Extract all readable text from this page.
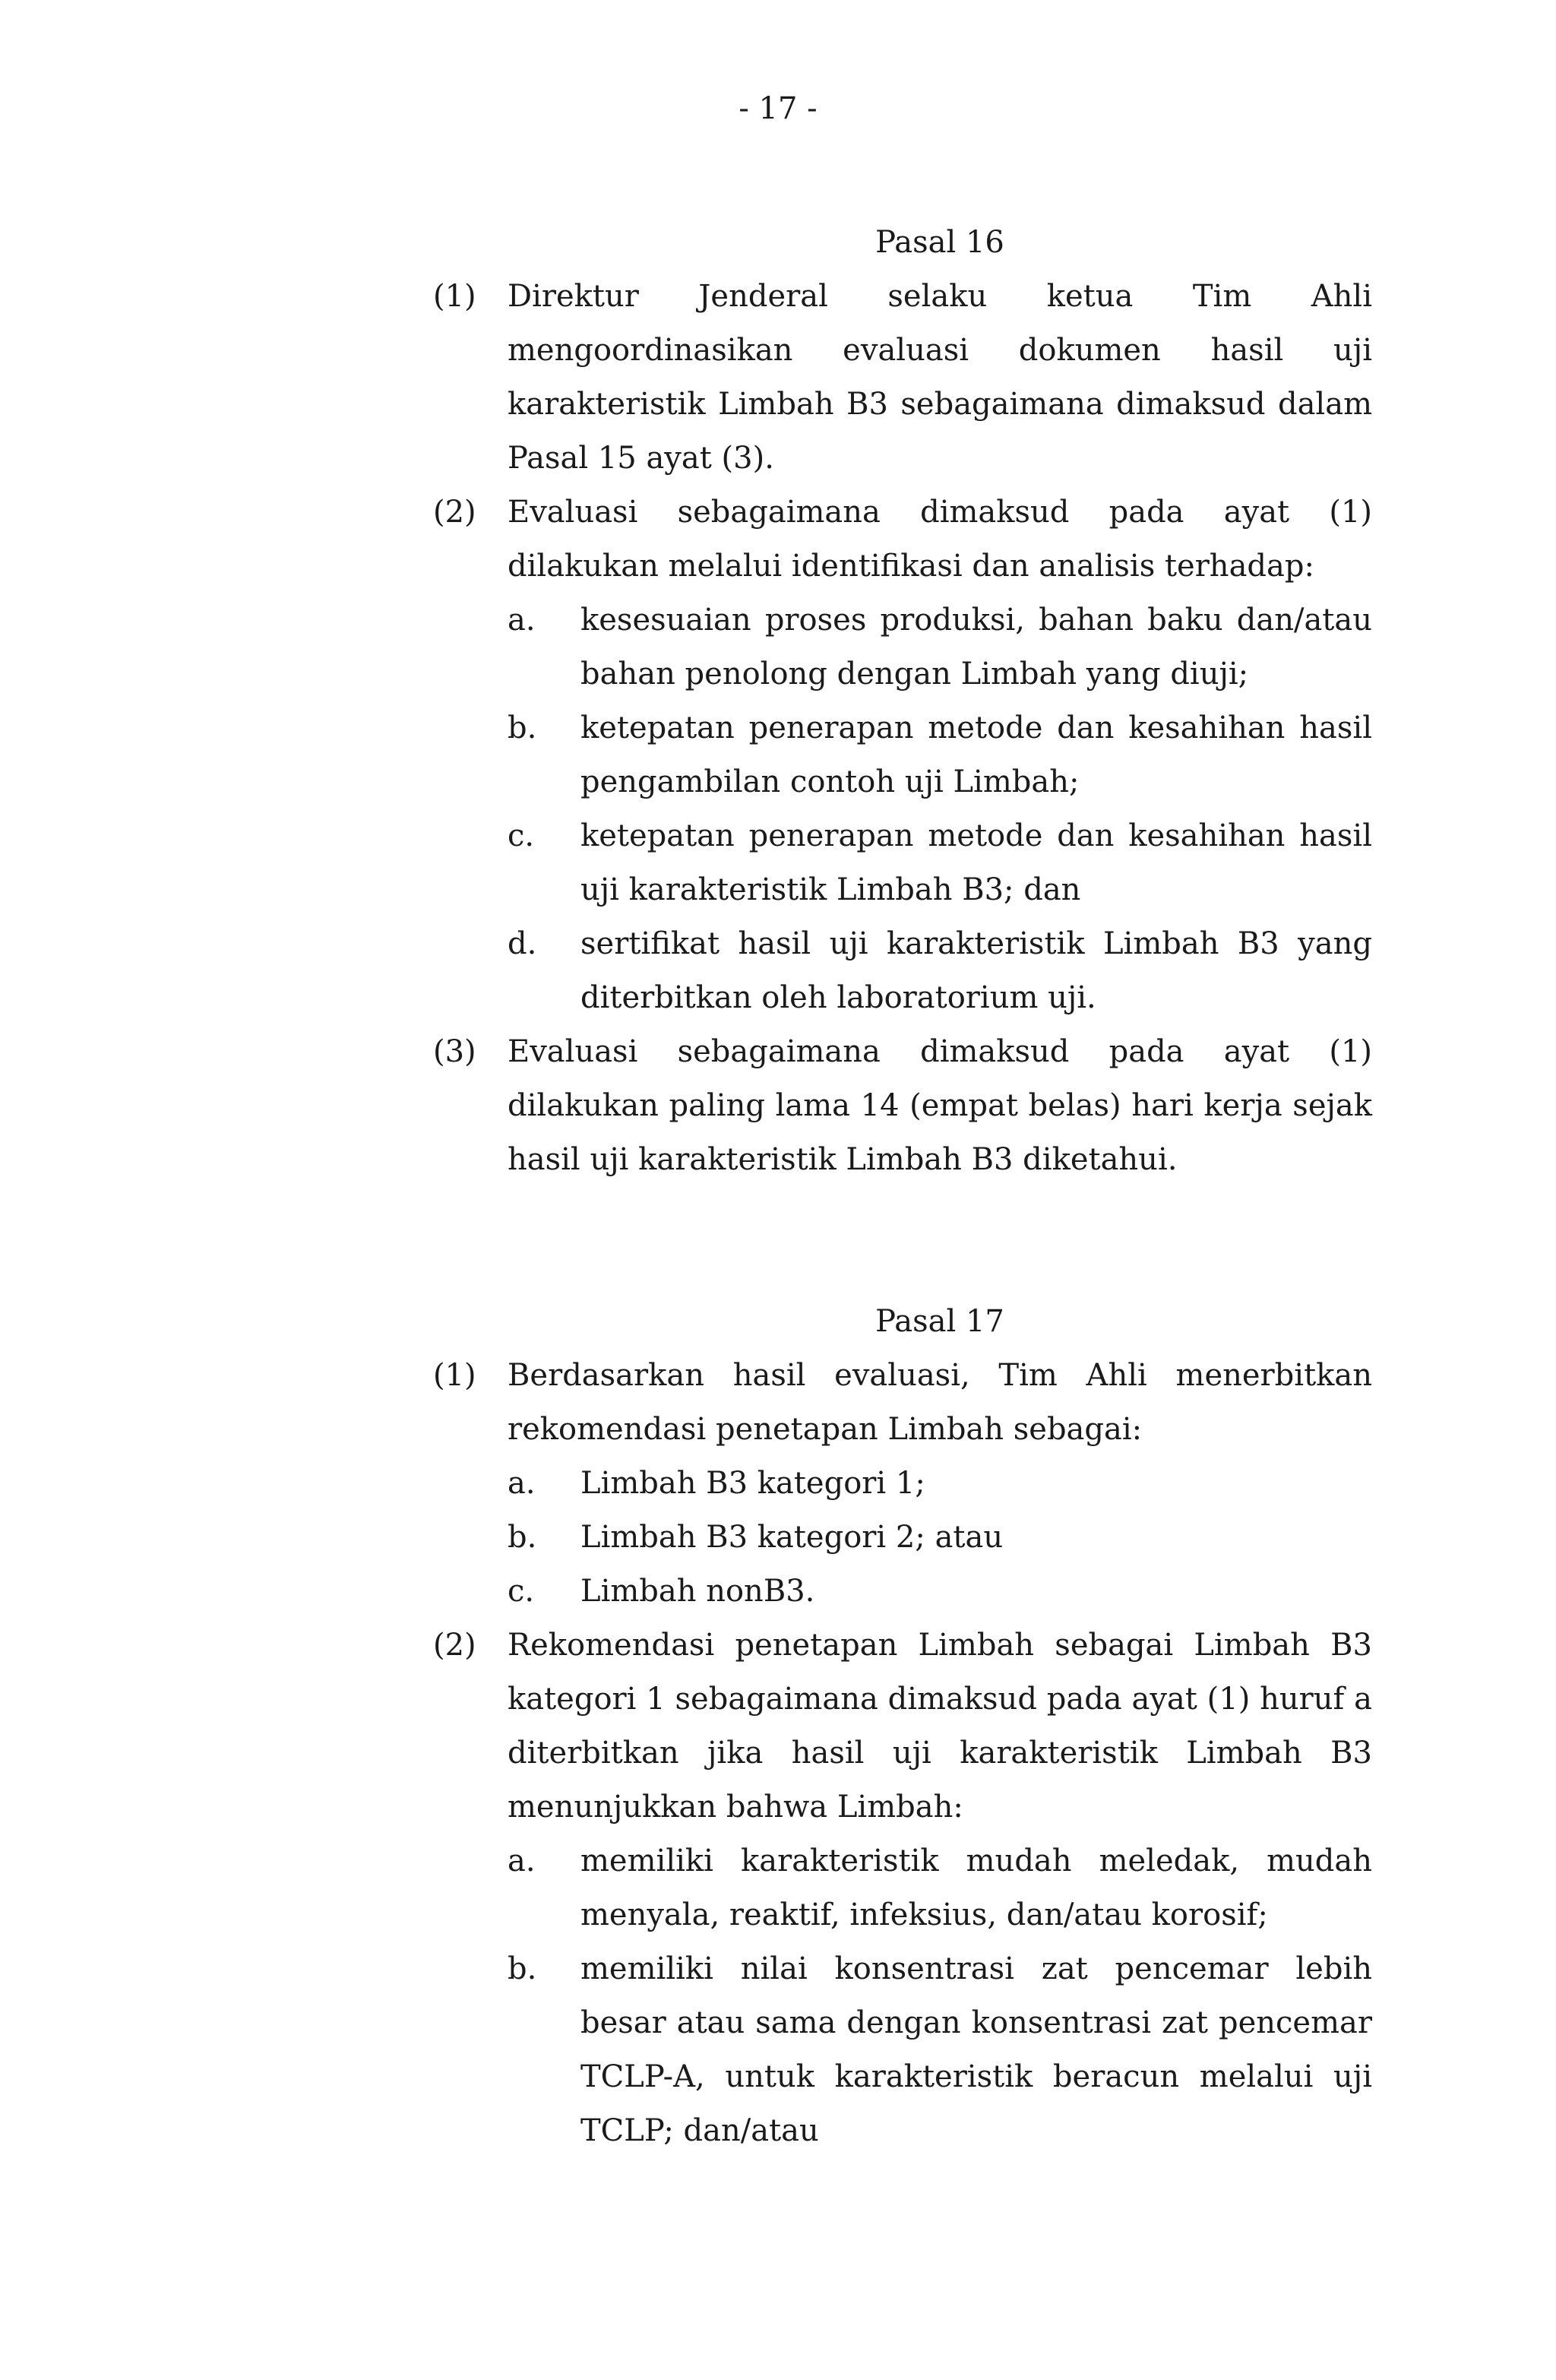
- 17 -
Pasal 16
(1)	Direktur Jenderal selaku ketua Tim Ahli mengoordinasikan evaluasi dokumen hasil uji karakteristik Limbah B3 sebagaimana dimaksud dalam Pasal 15 ayat (3).
(2)	Evaluasi sebagaimana dimaksud pada ayat (1) dilakukan melalui identifikasi dan analisis terhadap:
a.	kesesuaian proses produksi, bahan baku dan/atau bahan penolong dengan Limbah yang diuji;
b.	ketepatan penerapan metode dan kesahihan hasil pengambilan contoh uji Limbah;
c.	ketepatan penerapan metode dan kesahihan hasil uji karakteristik Limbah B3; dan
d.	sertifikat hasil uji karakteristik Limbah B3 yang diterbitkan oleh laboratorium uji.
(3)	Evaluasi sebagaimana dimaksud pada ayat (1) dilakukan paling lama 14 (empat belas) hari kerja sejak hasil uji karakteristik Limbah B3 diketahui.
Pasal 17
(1)	Berdasarkan hasil evaluasi, Tim Ahli menerbitkan rekomendasi penetapan Limbah sebagai:
a.	Limbah B3 kategori 1;
b.	Limbah B3 kategori 2; atau
c.	Limbah nonB3.
(2)	Rekomendasi penetapan Limbah sebagai Limbah B3 kategori 1 sebagaimana dimaksud pada ayat (1) huruf a diterbitkan jika hasil uji karakteristik Limbah B3 menunjukkan bahwa Limbah:
a.	memiliki karakteristik mudah meledak, mudah menyala, reaktif, infeksius, dan/atau korosif;
b.	memiliki nilai konsentrasi zat pencemar lebih besar atau sama dengan konsentrasi zat pencemar TCLP-A, untuk karakteristik beracun melalui uji TCLP; dan/atau
